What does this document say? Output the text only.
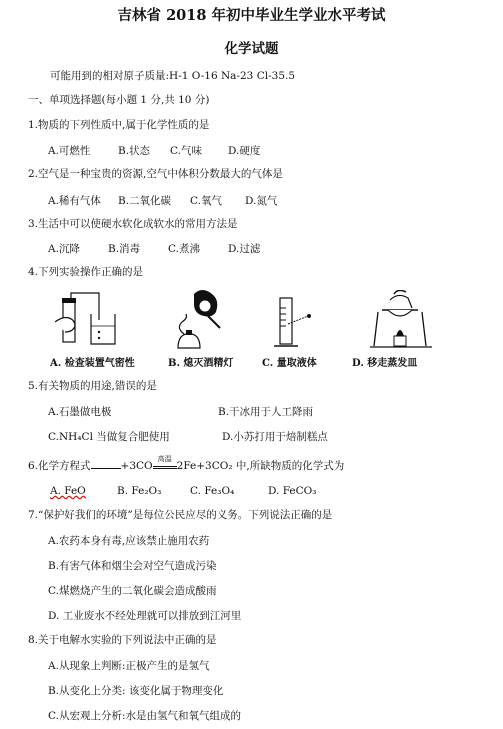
吉林省 2018 年初中毕业生学业水平考试
化学试题
可能用到的相对原子质量:H-1 O-16 Na-23 Cl-35.5
一、单项选择题(每小题 1 分,共 10 分)
1.物质的下列性质中,属于化学性质的是
A.可燃性	B.状态 C.气味 D.硬度
2.空气是一种宝贵的资源,空气中体积分数最大的气体是
A.稀有气体 B.二氧化碳 C.氧气 D.氮气
3.生活中可以使硬水软化成软水的常用方法是
A.沉降	B.消毒	C.煮沸	D.过滤
4.下列实验操作正确的是
A. 检查装置气密性	B. 熄灭酒精灯	C. 量取液体	D. 移走蒸发皿
5.有关物质的用途,错误的是
A.石墨做电极	B.干冰用于人工降雨
C.NH₄Cl 当做复合肥使用	D.小苏打用于焙制糕点
6.化学方程式	+3CO
高温
2Fe+3CO₂ 中,所缺物质的化学式为
A. FeO	B. Fe₂O₃	C. Fe₃O₄	D. FeCO₃
7.“保护好我们的环境”是每位公民应尽的义务。下列说法正确的是
A.农药本身有毒,应该禁止施用农药
B.有害气体和烟尘会对空气造成污染
C.煤燃烧产生的二氧化碳会造成酸雨
D. 工业废水不经处理就可以排放到江河里
8.关于电解水实验的下列说法中正确的是
A.从现象上判断:正极产生的是氢气
B.从变化上分类: 该变化属于物理变化
C.从宏观上分析:水是由氢气和氧气组成的
